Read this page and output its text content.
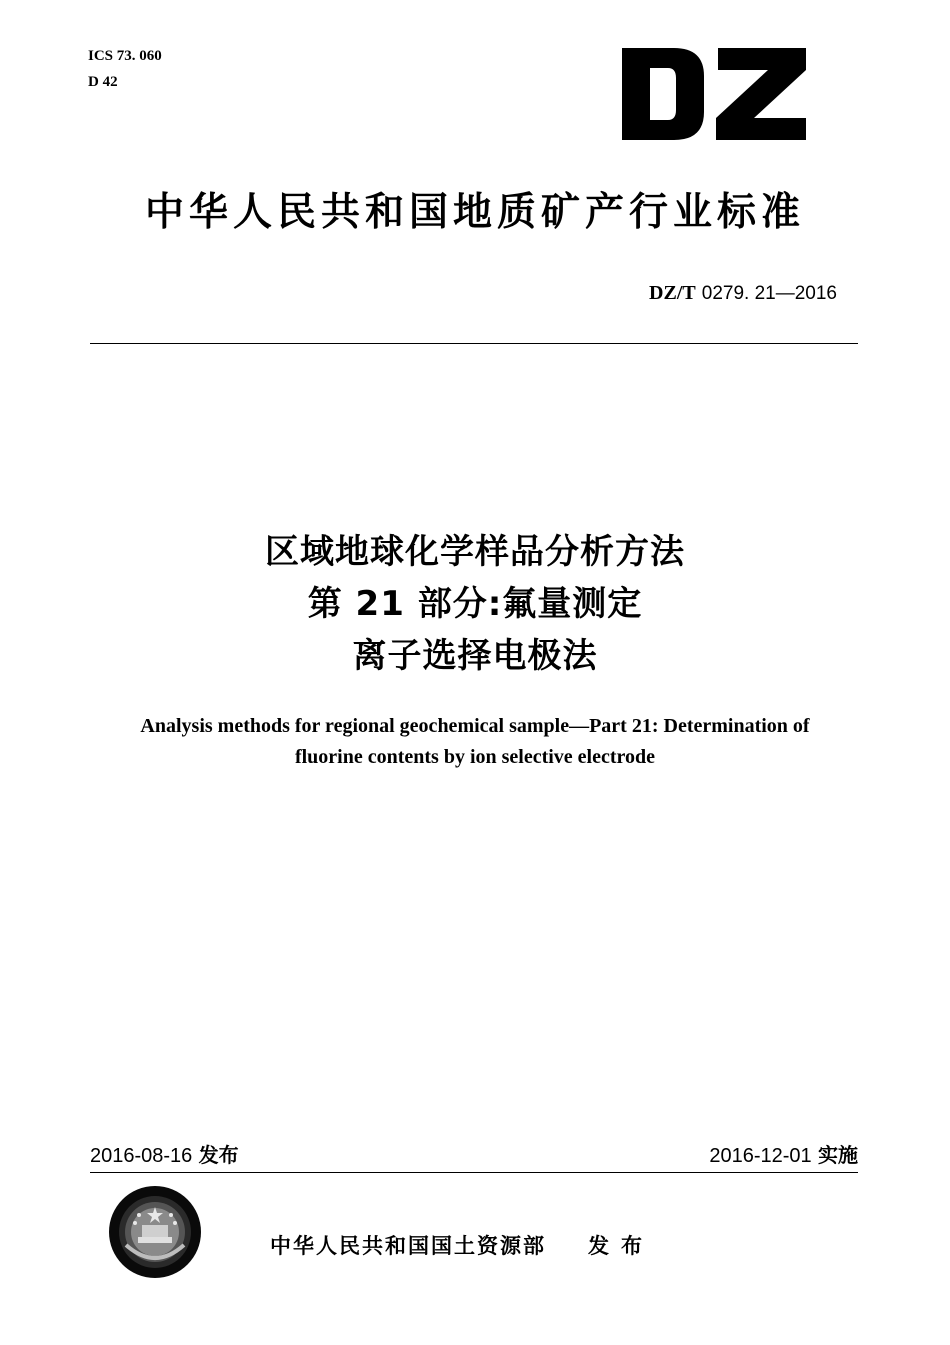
ICS 73. 060
D 42
中华人民共和国地质矿产行业标准
DZ/T 0279. 21—2016
区域地球化学样品分析方法
第 21 部分:氟量测定
离子选择电极法
Analysis methods for regional geochemical sample—Part 21: Determination of
fluorine contents by ion selective electrode
2016-08-16 发布	2016-12-01 实施
中华人民共和国国土资源部 发布
